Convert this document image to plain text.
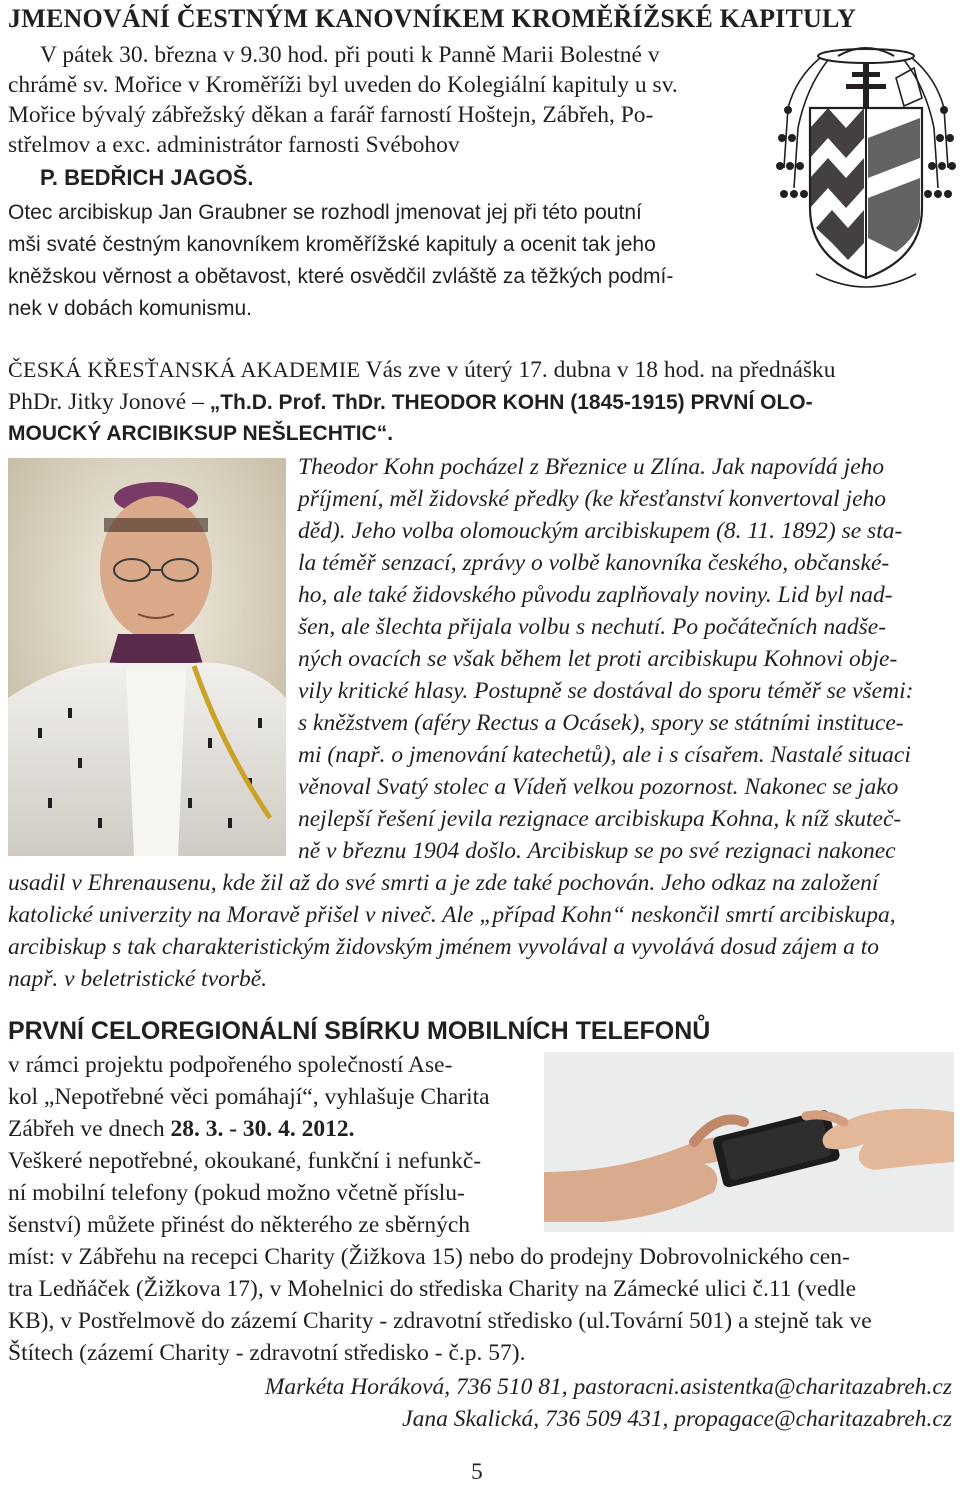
JMENOVÁNÍ ČESTNÝM KANOVNÍKEM KROMĚŘÍŽSKÉ KAPITULY
V pátek 30. března v 9.30 hod. při pouti k Panně Marii Bolestné v
chrámě sv. Mořice v Kroměříži byl uveden do Kolegiální kapituly u sv.
Mořice bývalý zábřežský děkan a farář farností Hoštejn, Zábřeh, Po-
střelmov a exc. administrátor farnosti Svébohov
P. BEDŘICH JAGOŠ.
Otec arcibiskup Jan Graubner se rozhodl jmenovat jej při této poutní
mši svaté čestným kanovníkem kroměřížské kapituly a ocenit tak jeho
kněžskou věrnost a obětavost, které osvědčil zvláště za těžkých podmí-
nek v dobách komunismu.
ČESKÁ KŘESŤANSKÁ AKADEMIE Vás zve v úterý 17. dubna v 18 hod. na přednášku
PhDr. Jitky Jonové – „Th.D. Prof. ThDr. THEODOR KOHN (1845-1915) PRVNÍ OLO-
MOUCKÝ ARCIBIKSUP NEŠLECHTIC“.
Theodor Kohn pocházel z Březnice u Zlína. Jak napovídá jeho
příjmení, měl židovské předky (ke křesťanství konvertoval jeho
děd). Jeho volba olomouckým arcibiskupem (8. 11. 1892) se sta-
la téměř senzací, zprávy o volbě kanovníka českého, občanské-
ho, ale také židovského původu zaplňovaly noviny. Lid byl nad-
šen, ale šlechta přijala volbu s nechutí. Po počátečních nadše-
ných ovacích se však během let proti arcibiskupu Kohnovi obje-
vily kritické hlasy. Postupně se dostával do sporu téměř se všemi:
s kněžstvem (aféry Rectus a Ocásek), spory se státními instituce-
mi (např. o jmenování katechetů), ale i s císařem. Nastalé situaci
věnoval Svatý stolec a Vídeň velkou pozornost. Nakonec se jako
nejlepší řešení jevila rezignace arcibiskupa Kohna, k níž skuteč-
ně v březnu 1904 došlo. Arcibiskup se po své rezignaci nakonec
usadil v Ehrenausenu, kde žil až do své smrti a je zde také pochován. Jeho odkaz na založení
katolické univerzity na Moravě přišel v niveč. Ale „případ Kohn“ neskončil smrtí arcibiskupa,
arcibiskup s tak charakteristickým židovským jménem vyvolával a vyvolává dosud zájem a to
např. v beletristické tvorbě.
PRVNÍ CELOREGIONÁLNÍ SBÍRKU MOBILNÍCH TELEFONŮ
v rámci projektu podpořeného společností Ase-
kol „Nepotřebné věci pomáhají“, vyhlašuje Charita
Zábřeh ve dnech 28. 3. - 30. 4. 2012.
Veškeré nepotřebné, okoukané, funkční i nefunkč-
ní mobilní telefony (pokud možno včetně příslu-
šenství) můžete přinést do některého ze sběrných
míst: v Zábřehu na recepci Charity (Žižkova 15) nebo do prodejny Dobrovolnického cen-
tra Ledňáček (Žižkova 17), v Mohelnici do střediska Charity na Zámecké ulici č.11 (vedle
KB), v Postřelmově do zázemí Charity - zdravotní středisko (ul.Tovární 501) a stejně tak ve
Štítech (zázemí Charity - zdravotní středisko - č.p. 57).
Markéta Horáková, 736 510 81, pastoracni.asistentka@charitazabreh.cz
Jana Skalická, 736 509 431, propagace@charitazabreh.cz
5
